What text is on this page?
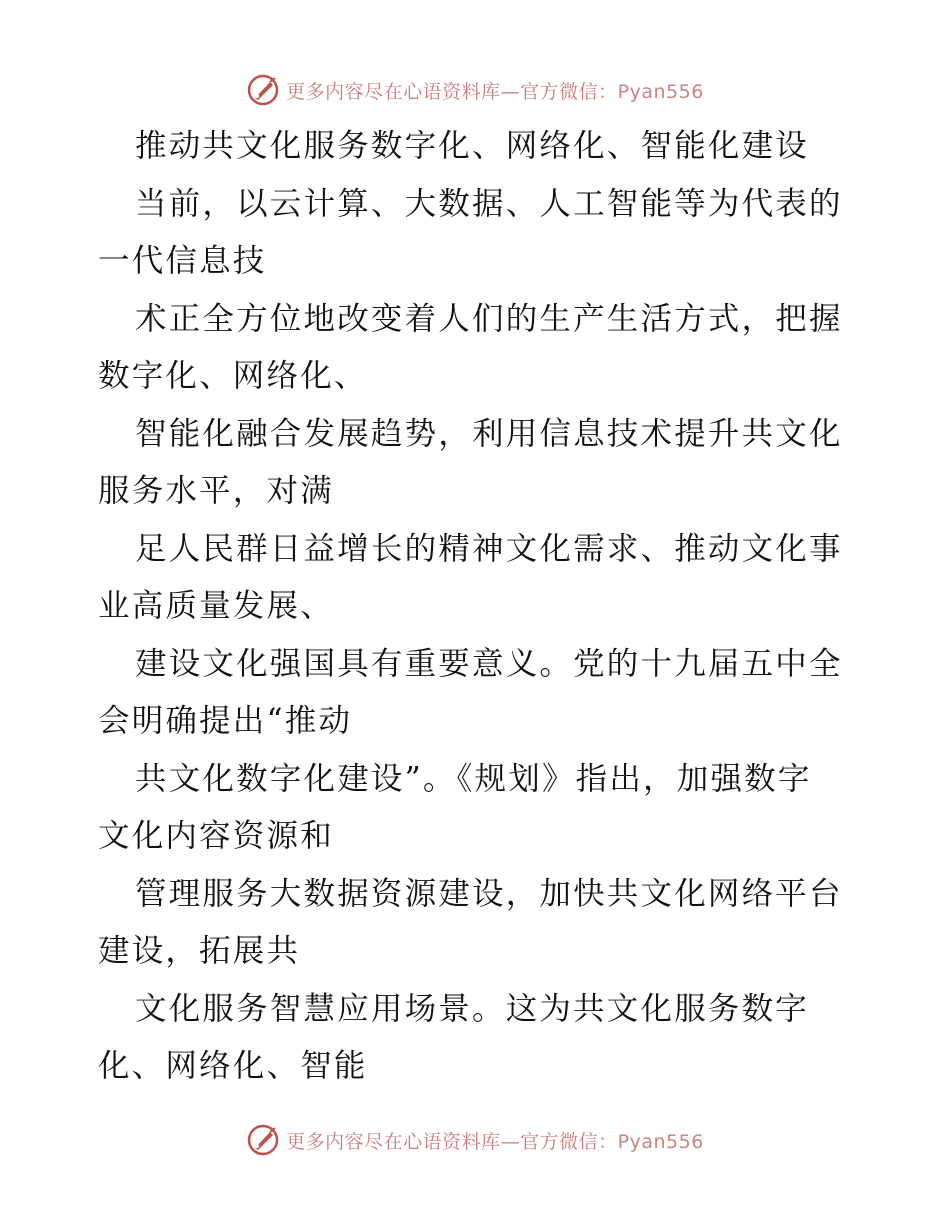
更多内容尽在心语资料库—官方微信：Pyan556
推动共文化服务数字化、网络化、智能化建设
当前，以云计算、大数据、人工智能等为代表的
一代信息技
术正全方位地改变着人们的生产生活方式，把握
数字化、网络化、
智能化融合发展趋势，利用信息技术提升共文化
服务水平，对满
足人民群日益增长的精神文化需求、推动文化事
业高质量发展、
建设文化强国具有重要意义。党的十九届五中全
会明确提出“推动
共文化数字化建设”。《规划》指出，加强数字
文化内容资源和
管理服务大数据资源建设，加快共文化网络平台
建设，拓展共
文化服务智慧应用场景。这为共文化服务数字
化、网络化、智能
更多内容尽在心语资料库—官方微信：Pyan556
